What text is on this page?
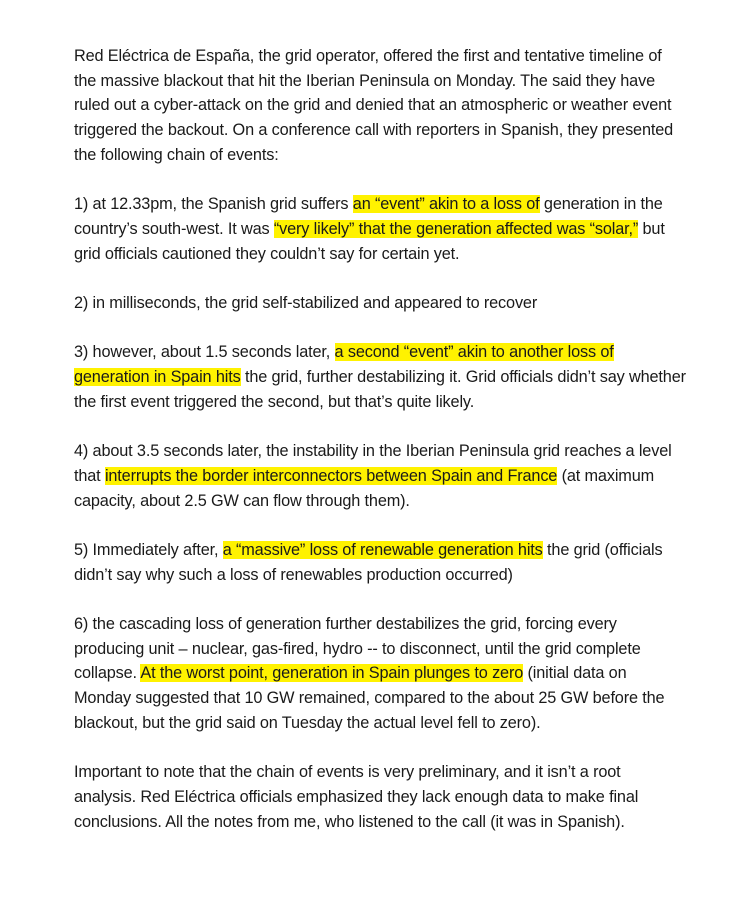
Red Eléctrica de España, the grid operator, offered the first and tentative timeline of the massive blackout that hit the Iberian Peninsula on Monday. The said they have ruled out a cyber-attack on the grid and denied that an atmospheric or weather event triggered the backout. On a conference call with reporters in Spanish, they presented the following chain of events:

1) at 12.33pm, the Spanish grid suffers an “event” akin to a loss of generation in the country’s south-west. It was “very likely” that the generation affected was “solar,” but grid officials cautioned they couldn’t say for certain yet.

2) in milliseconds, the grid self-stabilized and appeared to recover

3) however, about 1.5 seconds later, a second “event” akin to another loss of generation in Spain hits the grid, further destabilizing it. Grid officials didn’t say whether the first event triggered the second, but that’s quite likely.

4) about 3.5 seconds later, the instability in the Iberian Peninsula grid reaches a level that interrupts the border interconnectors between Spain and France (at maximum capacity, about 2.5 GW can flow through them).

5) Immediately after, a “massive” loss of renewable generation hits the grid (officials didn’t say why such a loss of renewables production occurred)

6) the cascading loss of generation further destabilizes the grid, forcing every producing unit – nuclear, gas-fired, hydro -- to disconnect, until the grid complete collapse. At the worst point, generation in Spain plunges to zero (initial data on Monday suggested that 10 GW remained, compared to the about 25 GW before the blackout, but the grid said on Tuesday the actual level fell to zero).

Important to note that the chain of events is very preliminary, and it isn’t a root analysis. Red Eléctrica officials emphasized they lack enough data to make final conclusions. All the notes from me, who listened to the call (it was in Spanish).
